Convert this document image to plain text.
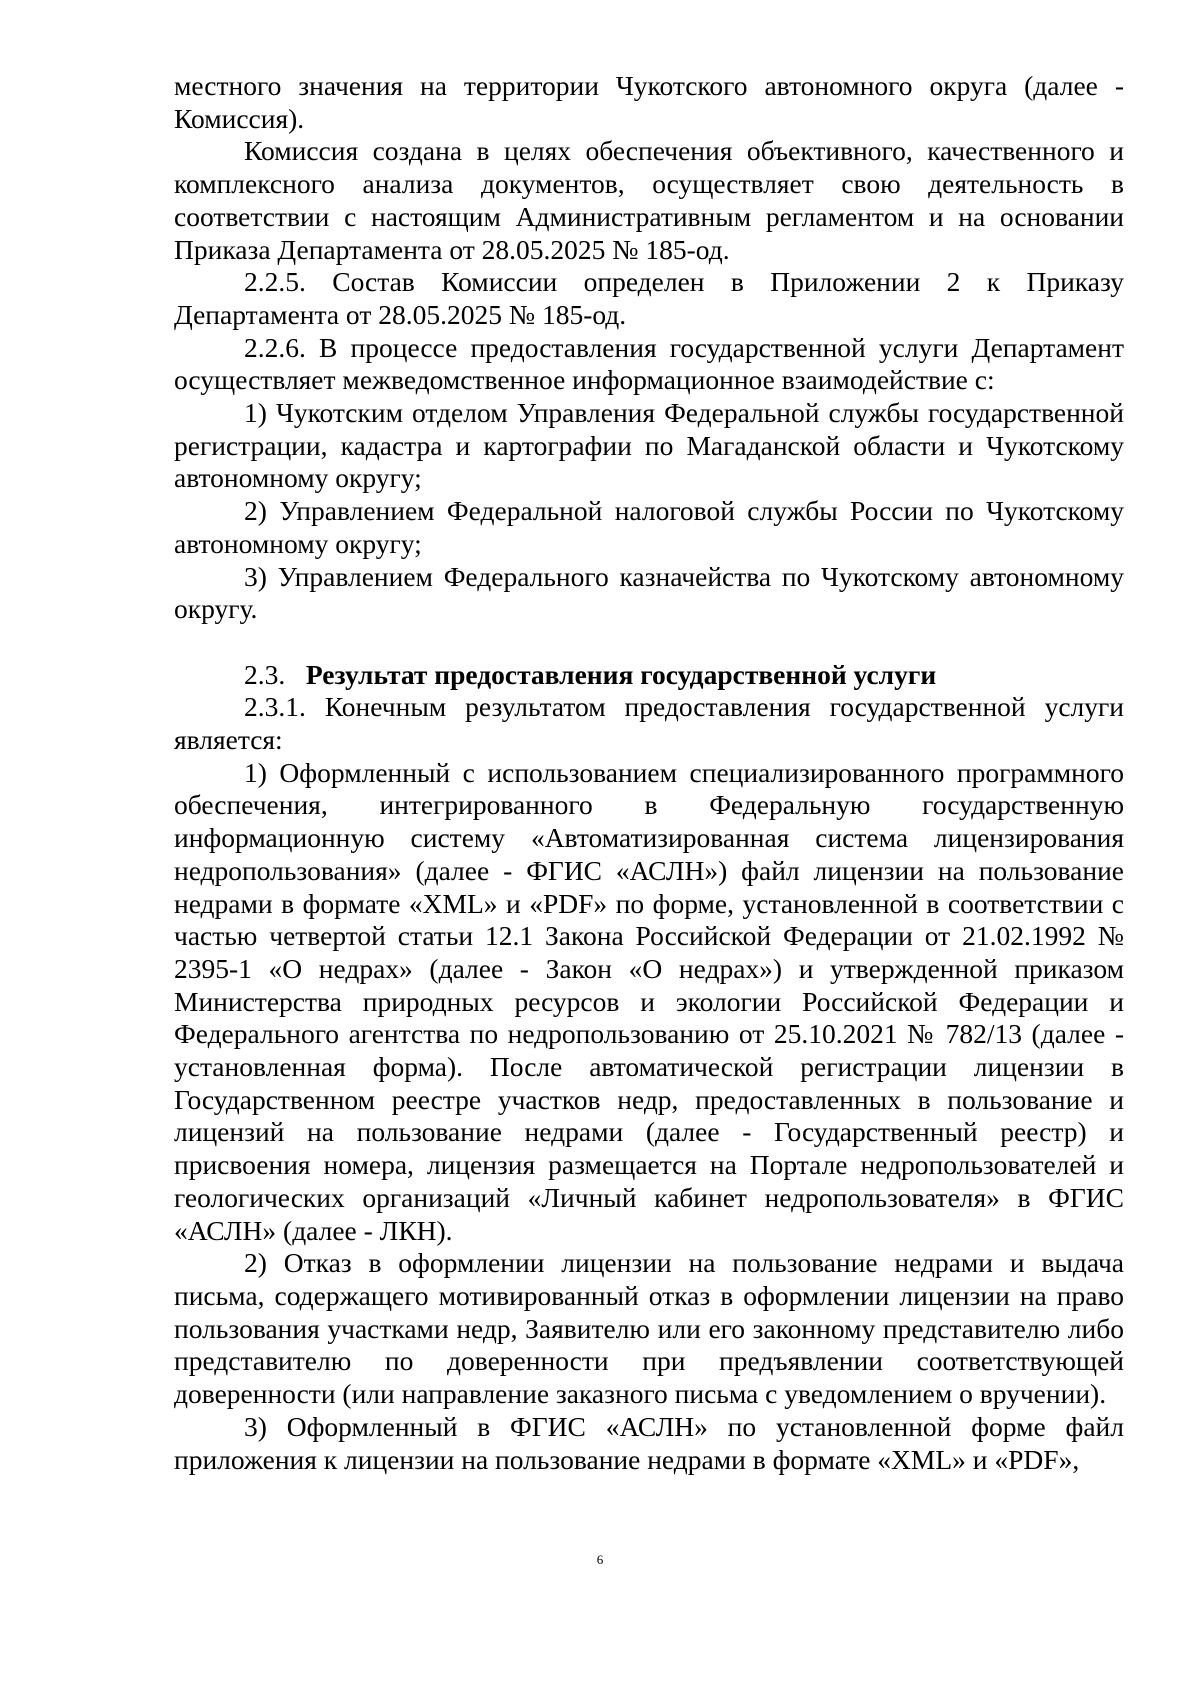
местного значения на территории Чукотского автономного округа (далее - Комиссия).

Комиссия создана в целях обеспечения объективного, качественного и комплексного анализа документов, осуществляет свою деятельность в соответствии с настоящим Административным регламентом и на основании Приказа Департамента от 28.05.2025 № 185-од.

2.2.5. Состав Комиссии определен в Приложении 2 к Приказу Департамента от 28.05.2025 № 185-од.

2.2.6. В процессе предоставления государственной услуги Департамент осуществляет межведомственное информационное взаимодействие с:

1) Чукотским отделом Управления Федеральной службы государственной регистрации, кадастра и картографии по Магаданской области и Чукотскому автономному округу;

2) Управлением Федеральной налоговой службы России по Чукотскому автономному округу;

3) Управлением Федерального казначейства по Чукотскому автономному округу.

2.3. Результат предоставления государственной услуги

2.3.1. Конечным результатом предоставления государственной услуги является:

1) Оформленный с использованием специализированного программного обеспечения, интегрированного в Федеральную государственную информационную систему «Автоматизированная система лицензирования недропользования» (далее - ФГИС «АСЛН») файл лицензии на пользование недрами в формате «XML» и «PDF» по форме, установленной в соответствии с частью четвертой статьи 12.1 Закона Российской Федерации от 21.02.1992 № 2395-1 «О недрах» (далее - Закон «О недрах») и утвержденной приказом Министерства природных ресурсов и экологии Российской Федерации и Федерального агентства по недропользованию от 25.10.2021 № 782/13 (далее - установленная форма). После автоматической регистрации лицензии в Государственном реестре участков недр, предоставленных в пользование и лицензий на пользование недрами (далее - Государственный реестр) и присвоения номера, лицензия размещается на Портале недропользователей и геологических организаций «Личный кабинет недропользователя» в ФГИС «АСЛН» (далее - ЛКН).

2) Отказ в оформлении лицензии на пользование недрами и выдача письма, содержащего мотивированный отказ в оформлении лицензии на право пользования участками недр, Заявителю или его законному представителю либо представителю по доверенности при предъявлении соответствующей доверенности (или направление заказного письма с уведомлением о вручении).

3) Оформленный в ФГИС «АСЛН» по установленной форме файл приложения к лицензии на пользование недрами в формате «XML» и «PDF»,

6
